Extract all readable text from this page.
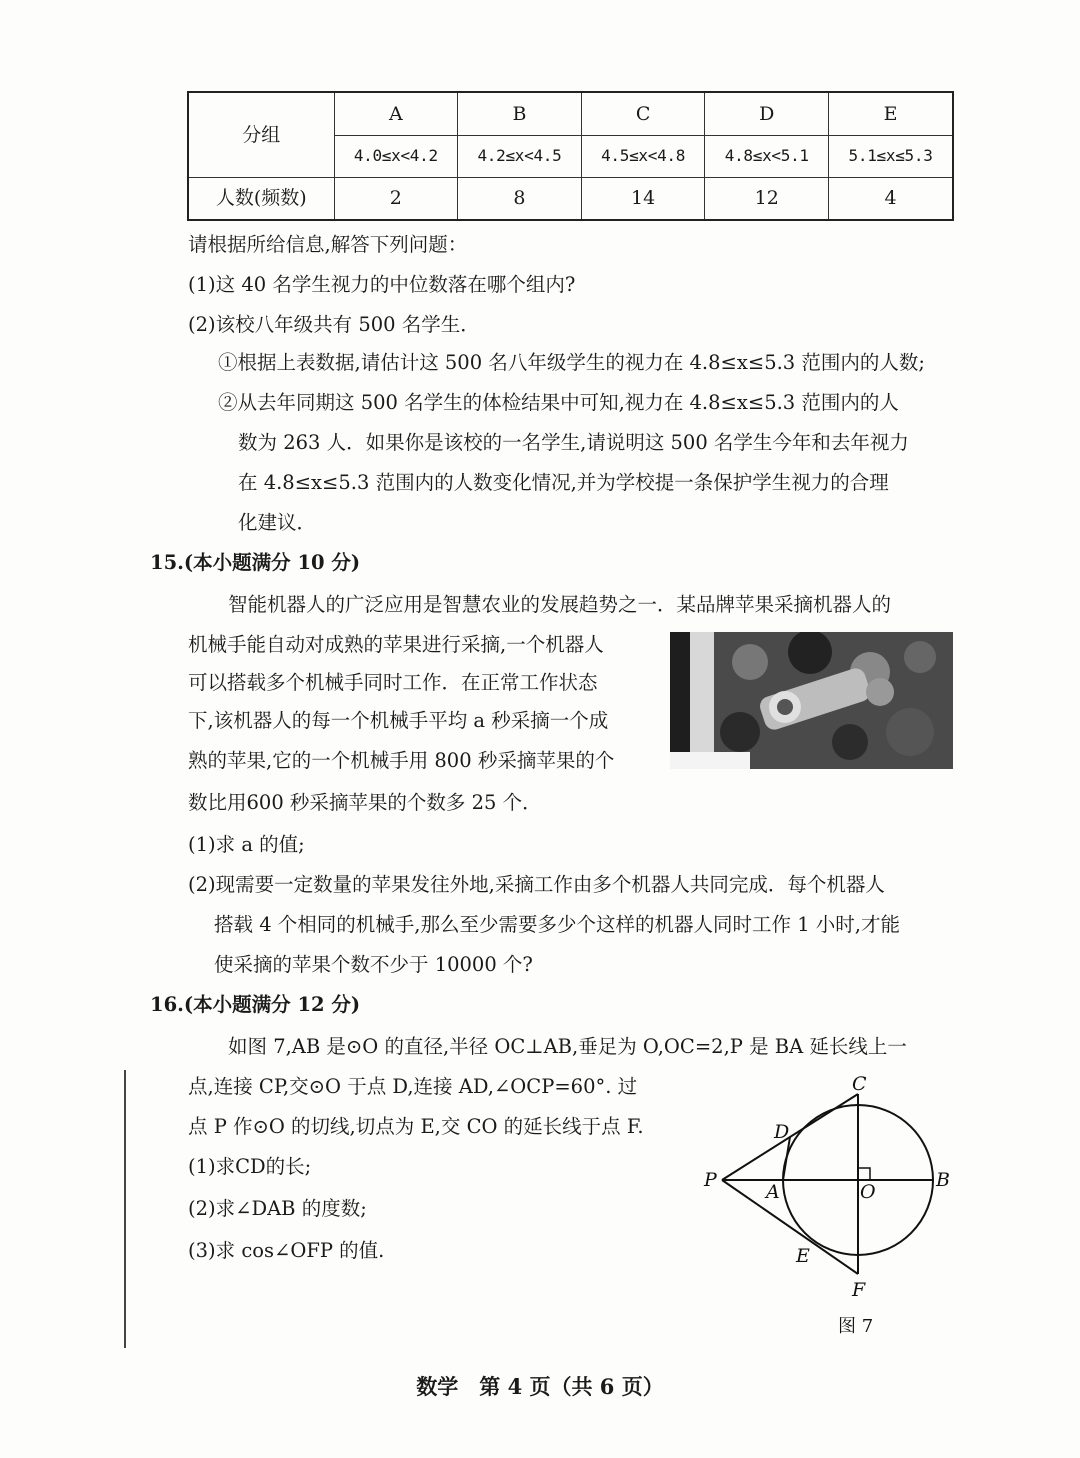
分组	A	B	C	D	E
	4.0≤x<4.2	4.2≤x<4.5	4.5≤x<4.8	4.8≤x<5.1	5.1≤x≤5.3
人数(频数)	2	8	14	12	4
请根据所给信息,解答下列问题：
(1)这 40 名学生视力的中位数落在哪个组内?
(2)该校八年级共有 500 名学生．
①根据上表数据,请估计这 500 名八年级学生的视力在 4.8≤x≤5.3 范围内的人数;
②从去年同期这 500 名学生的体检结果中可知,视力在 4.8≤x≤5.3 范围内的人
数为 263 人．如果你是该校的一名学生,请说明这 500 名学生今年和去年视力
在 4.8≤x≤5.3 范围内的人数变化情况,并为学校提一条保护学生视力的合理
化建议．
15.(本小题满分 10 分)
智能机器人的广泛应用是智慧农业的发展趋势之一．某品牌苹果采摘机器人的
机械手能自动对成熟的苹果进行采摘,一个机器人
可以搭载多个机械手同时工作．在正常工作状态
下,该机器人的每一个机械手平均 a 秒采摘一个成
熟的苹果,它的一个机械手用 800 秒采摘苹果的个
数比用600 秒采摘苹果的个数多 25 个．
(1)求 a 的值;
(2)现需要一定数量的苹果发往外地,采摘工作由多个机器人共同完成．每个机器人
搭载 4 个相同的机械手,那么至少需要多少个这样的机器人同时工作 1 小时,才能
使采摘的苹果个数不少于 10000 个?
16.(本小题满分 12 分)
如图 7,AB 是⊙O 的直径,半径 OC⊥AB,垂足为 O,OC=2,P 是 BA 延长线上一
点,连接 CP,交⊙O 于点 D,连接 AD,∠OCP=60°. 过
点 P 作⊙O 的切线,切点为 E,交 CO 的延长线于点 F.
(1)求CD的长;
(2)求∠DAB 的度数;
(3)求 cos∠OFP 的值.
C
D
P
A	O
B
E
F
图 7
数学　第 4 页（共 6 页）
